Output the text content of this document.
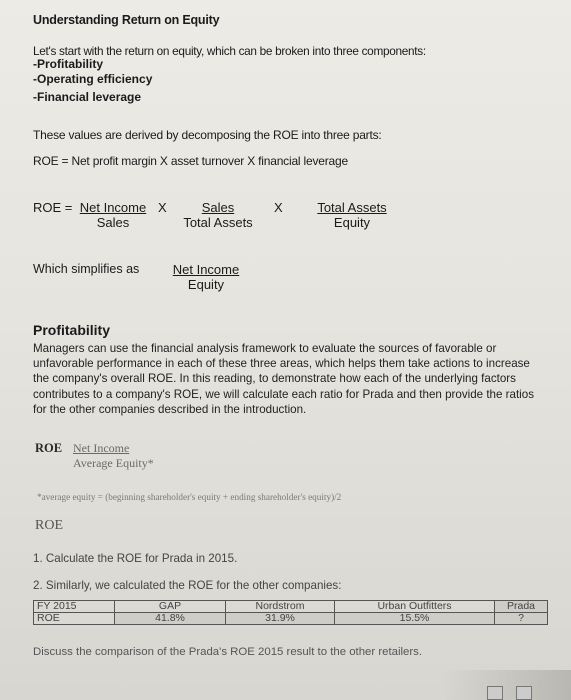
Understanding Return on Equity
Let's start with the return on equity, which can be broken into three components:
-Profitability
-Operating efficiency
-Financial leverage
These values are derived by decomposing the ROE into three parts:
ROE = Net profit margin X asset turnover X financial leverage
ROE = Net Income
Sales
X	Sales
Total Assets
X	Total Assets
Equity
Which simplifies as	Net Income
Equity
Profitability
Managers can use the financial analysis framework to evaluate the sources of favorable or unfavorable performance in each of these three areas, which helps them take actions to increase the company's overall ROE. In this reading, to demonstrate how each of the underlying factors contributes to a company's ROE, we will calculate each ratio for Prada and then provide the ratios for the other companies described in the introduction.
ROE Net Income
Average Equity*
*average equity = (beginning shareholder's equity + ending shareholder's equity)/2
ROE
1. Calculate the ROE for Prada in 2015.
2. Similarly, we calculated the ROE for the other companies:
FY 2015	GAP	Nordstrom	Urban Outfitters	Prada
ROE	41.8%	31.9%	15.5%	?
Discuss the comparison of the Prada's ROE 2015 result to the other retailers.
